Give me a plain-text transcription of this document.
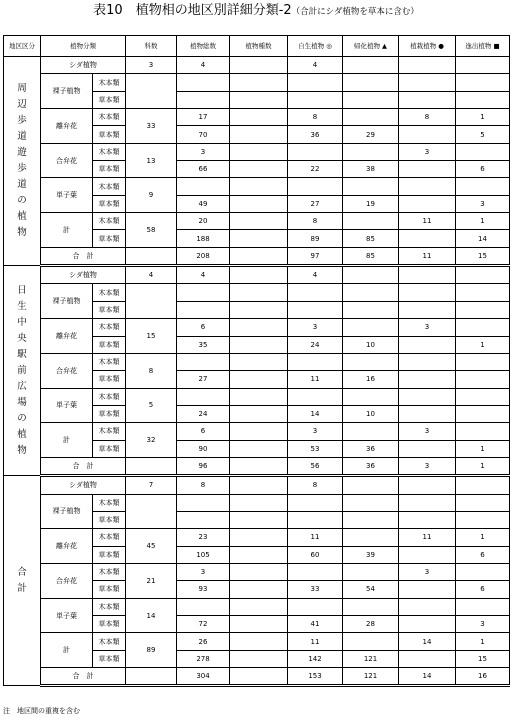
表10　植物相の地区別詳細分類-2（合計にシダ植物を草本に含む）
地区区分	植物分類		科数	植物総数	植物種数	自生植物 ◎	帰化植物 ▲	植栽植物 ●	逸出植物 ■
周辺歩道遊歩道の植物	シダ植物		3	4		4			
	裸子植物	木本類							
		草本類							
	離弁花	木本類	33	17		8		8	1
		草本類		70		36	29		5
	合弁花	木本類	13	3				3	
		草本類		66		22	38		6
	単子葉	木本類	9						
		草本類		49		27	19		3
	計	木本類	58	20		8		11	1
		草本類		188		89	85		14
	合　計			208		97	85	11	15
日生中央駅前広場の植物	シダ植物		4	4		4			
	裸子植物	木本類							
		草本類							
	離弁花	木本類	15	6		3		3	
		草本類		35		24	10		1
	合弁花	木本類	8						
		草本類		27		11	16		
	単子葉	木本類	5						
		草本類		24		14	10		
	計	木本類	32	6		3		3	
		草本類		90		53	36		1
	合　計			96		56	36	3	1
合　計	シダ植物		7	8		8			
	裸子植物	木本類							
		草本類							
	離弁花	木本類	45	23		11		11	1
		草本類		105		60	39		6
	合弁花	木本類	21	3				3	
		草本類		93		33	54		6
	単子葉	木本類	14						
		草本類		72		41	28		3
	計	木本類	89	26		11		14	1
		草本類		278		142	121		15
	合　計			304		153	121	14	16
注　地区間の重複を含む
